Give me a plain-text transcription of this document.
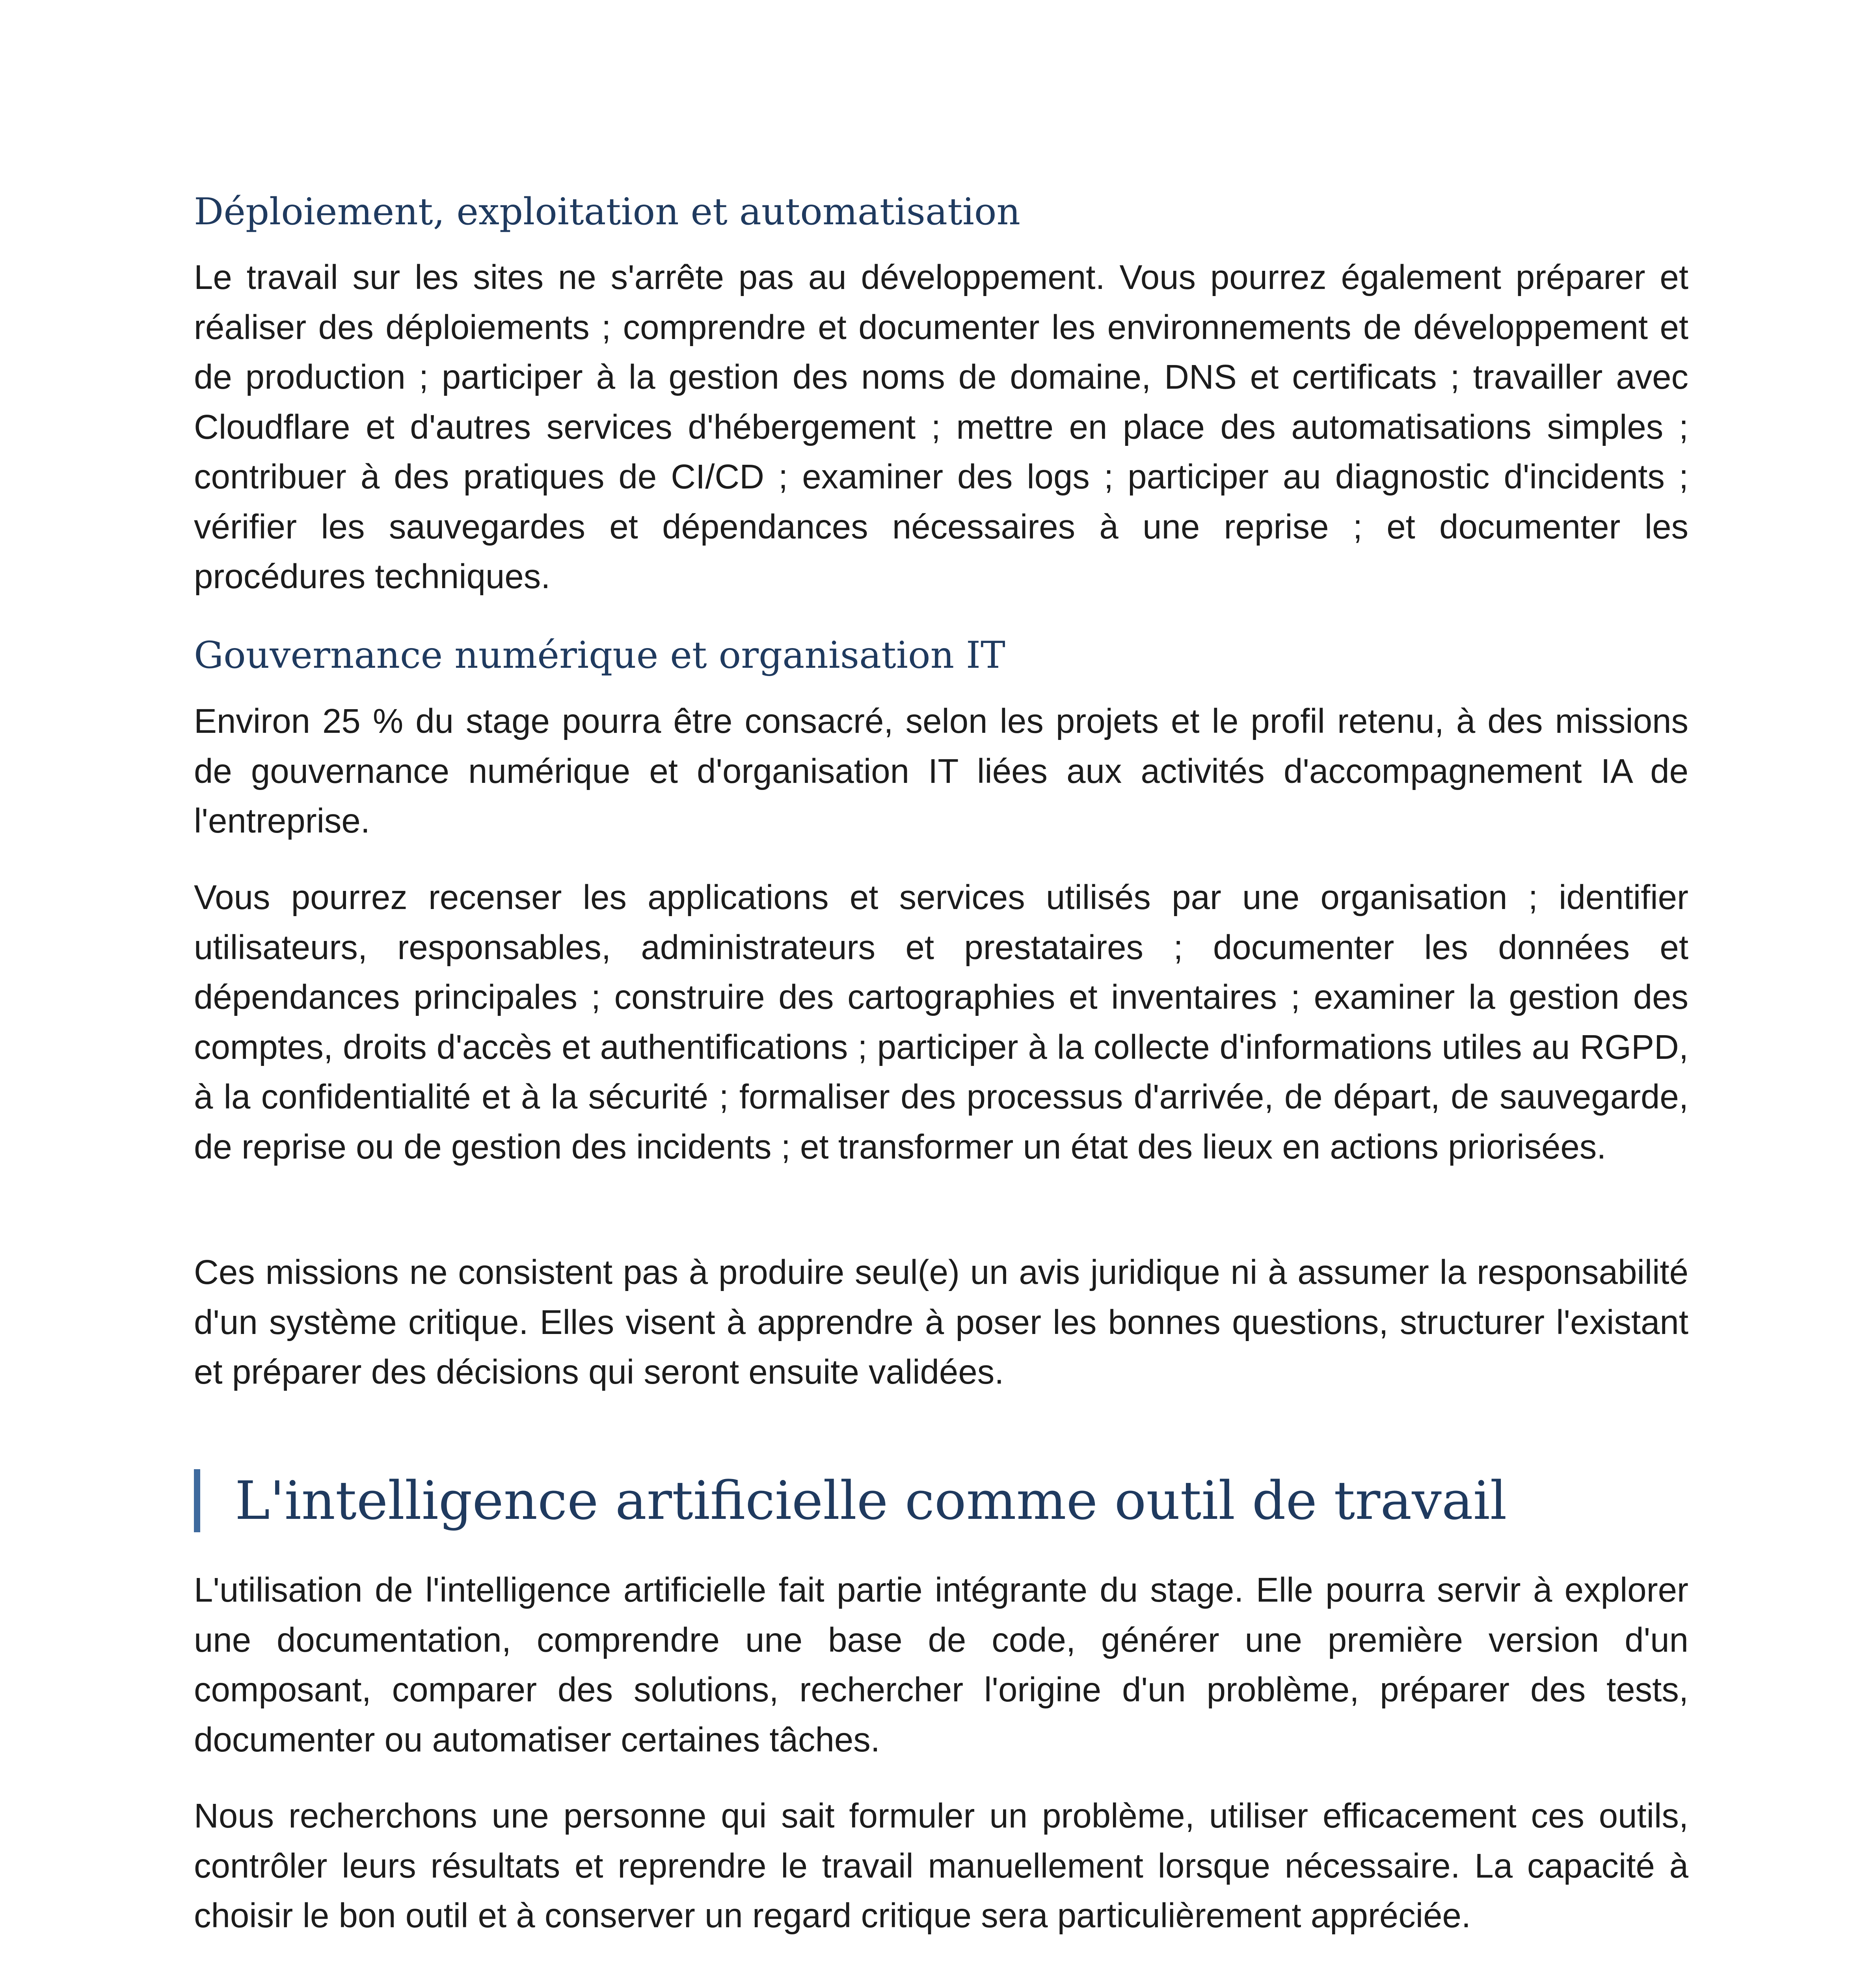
Déploiement, exploitation et automatisation

Le travail sur les sites ne s'arrête pas au développement. Vous pourrez également préparer et réaliser des déploiements ; comprendre et documenter les environnements de développement et de production ; participer à la gestion des noms de domaine, DNS et certificats ; travailler avec Cloudflare et d'autres services d'hébergement ; mettre en place des automatisations simples ; contribuer à des pratiques de CI/CD ; examiner des logs ; participer au diagnostic d'incidents ; vérifier les sauvegardes et dépendances nécessaires à une reprise ; et documenter les procédures techniques.

Gouvernance numérique et organisation IT

Environ 25 % du stage pourra être consacré, selon les projets et le profil retenu, à des missions de gouvernance numérique et d'organisation IT liées aux activités d'accompagnement IA de l'entreprise.

Vous pourrez recenser les applications et services utilisés par une organisation ; identifier utilisateurs, responsables, administrateurs et prestataires ; documenter les données et dépendances principales ; construire des cartographies et inventaires ; examiner la gestion des comptes, droits d'accès et authentifications ; participer à la collecte d'informations utiles au RGPD, à la confidentialité et à la sécurité ; formaliser des processus d'arrivée, de départ, de sauvegarde, de reprise ou de gestion des incidents ; et transformer un état des lieux en actions priorisées.

Ces missions ne consistent pas à produire seul(e) un avis juridique ni à assumer la responsabilité d'un système critique. Elles visent à apprendre à poser les bonnes questions, structurer l'existant et préparer des décisions qui seront ensuite validées.

L'intelligence artificielle comme outil de travail

L'utilisation de l'intelligence artificielle fait partie intégrante du stage. Elle pourra servir à explorer une documentation, comprendre une base de code, générer une première version d'un composant, comparer des solutions, rechercher l'origine d'un problème, préparer des tests, documenter ou automatiser certaines tâches.

Nous recherchons une personne qui sait formuler un problème, utiliser efficacement ces outils, contrôler leurs résultats et reprendre le travail manuellement lorsque nécessaire. La capacité à choisir le bon outil et à conserver un regard critique sera particulièrement appréciée.
